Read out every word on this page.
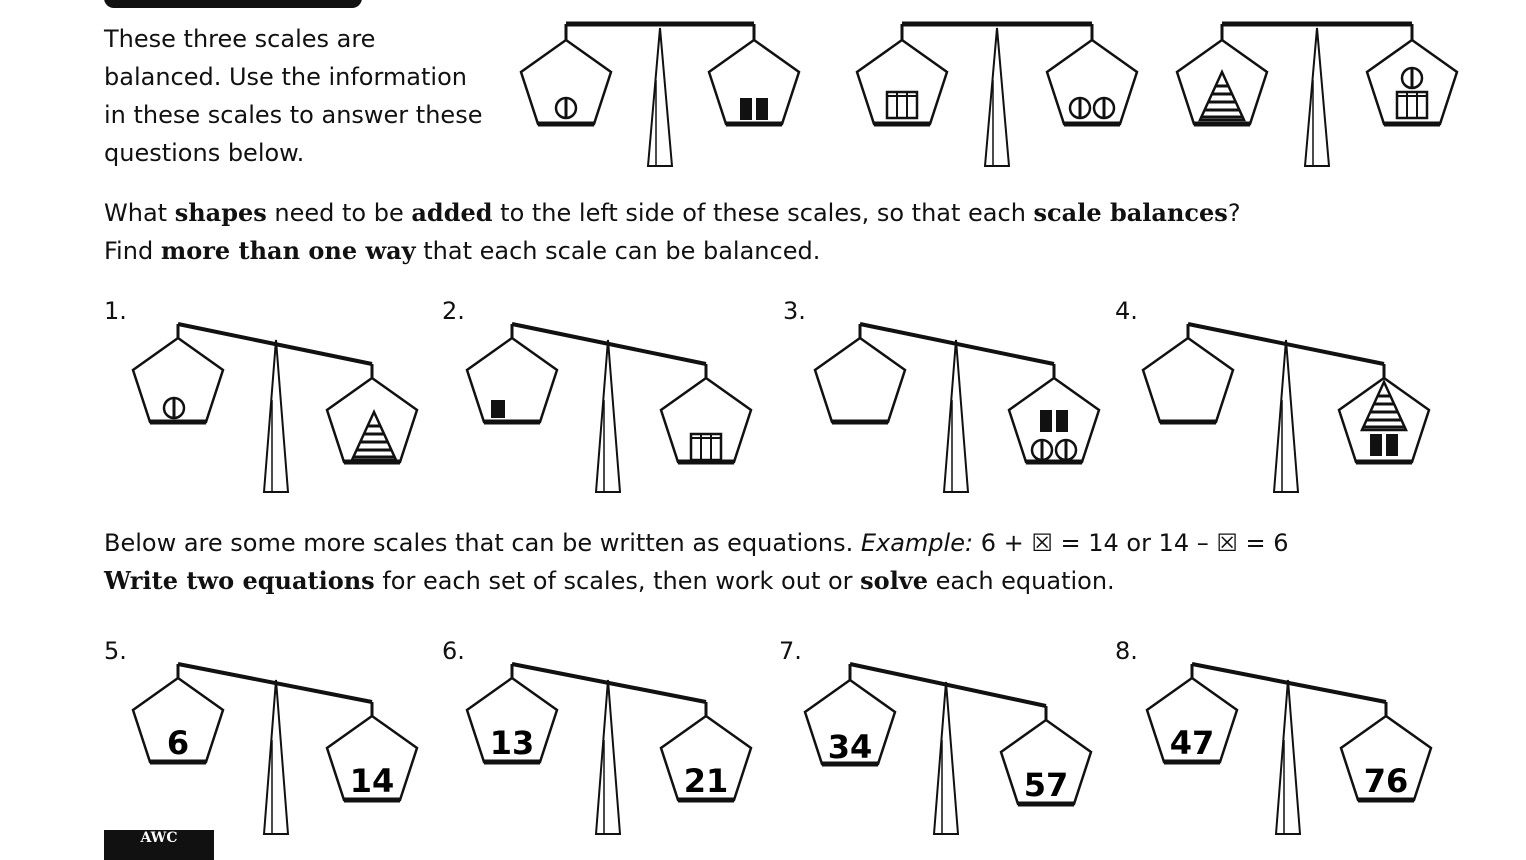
These three scales are
balanced. Use the information
in these scales to answer these
questions below.
What shapes need to be added to the left side of these scales, so that each scale balances?
Find more than one way that each scale can be balanced.
Below are some more scales that can be written as equations. Example: 6 + ☒ = 14 or 14 – ☒ = 6
Write two equations for each set of scales, then work out or solve each equation.
1.	2.	3.	4.
5.	6.	7.	8.
6
14
13
21
34
57
47
76
AWC
